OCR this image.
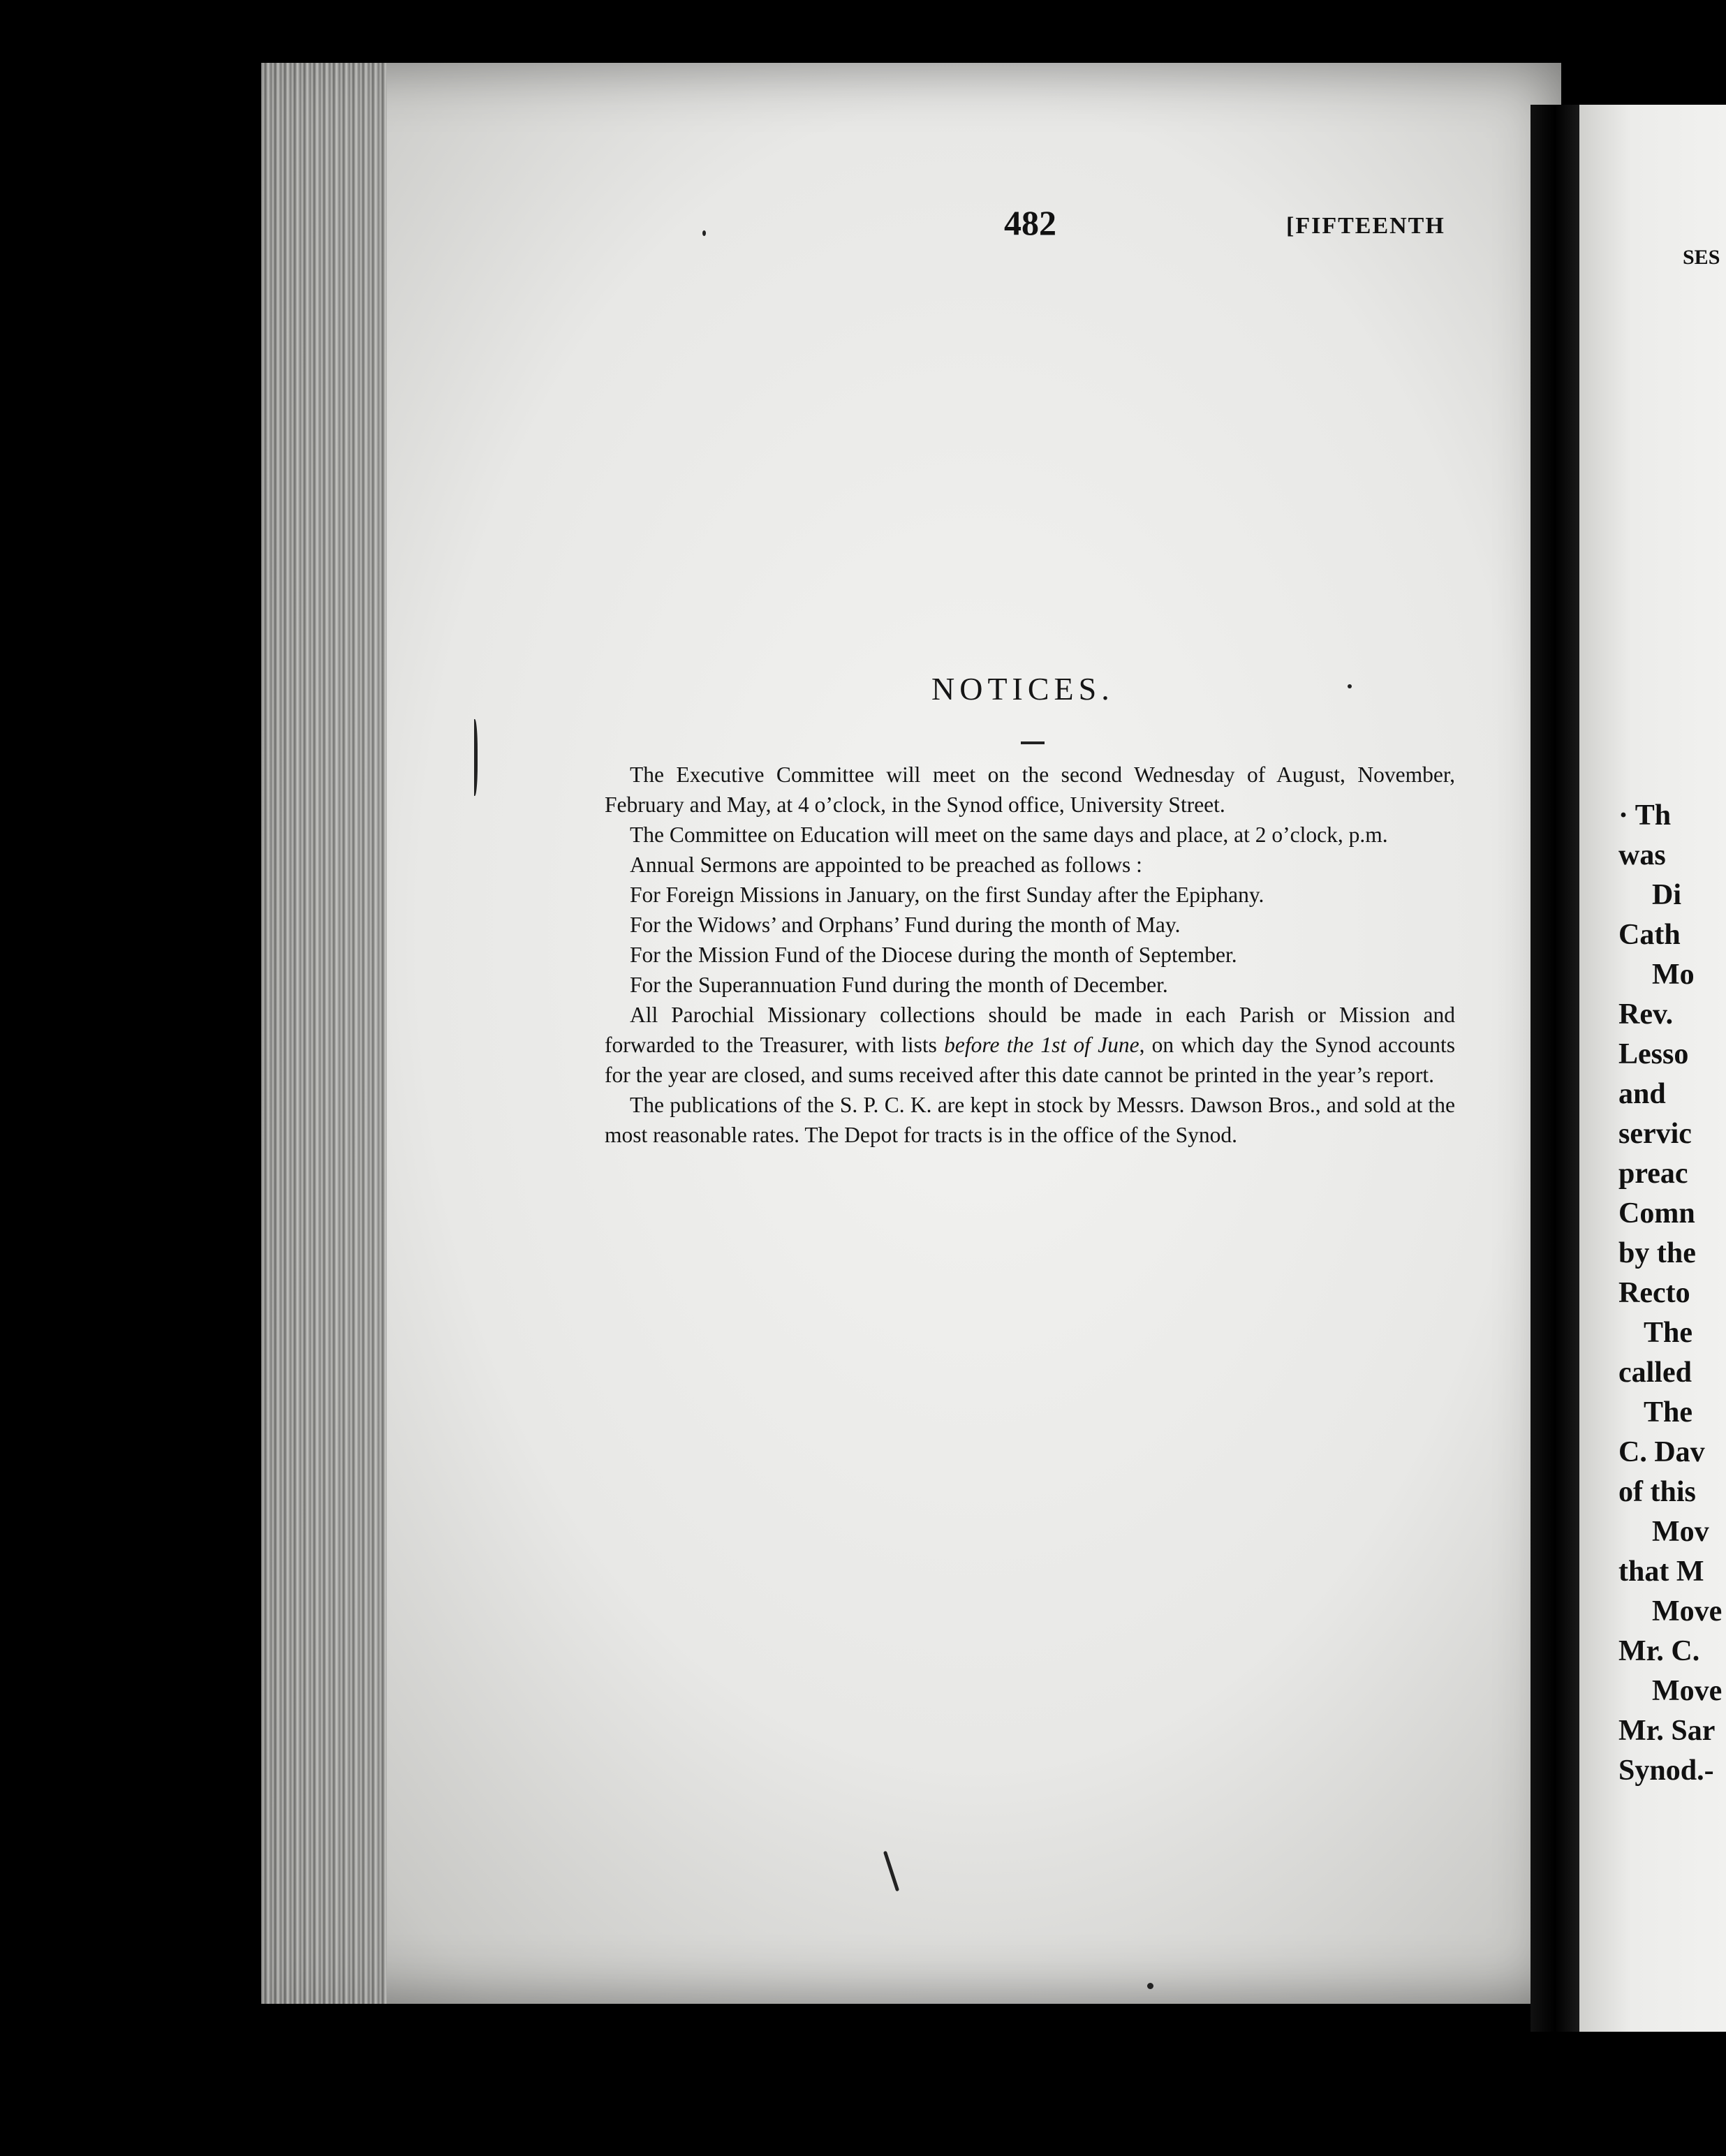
482	[FIFTEENTH
NOTICES.

The Executive Committee will meet on the second Wednesday of August, November, February and May, at 4 o’clock, in the Synod office, University Street.

The Committee on Education will meet on the same days and place, at 2 o’clock, p.m.

Annual Sermons are appointed to be preached as follows :

For Foreign Missions in January, on the first Sunday after the Epiphany.

For the Widows’ and Orphans’ Fund during the month of May.

For the Mission Fund of the Diocese during the month of September.

For the Superannuation Fund during the month of December.

All Parochial Missionary collections should be made in each Parish or Mission and forwarded to the Treasurer, with lists before the 1st of June, on which day the Synod accounts for the year are closed, and sums received after this date cannot be printed in the year’s report.

The publications of the S. P. C. K. are kept in stock by Messrs. Dawson Bros., and sold at the most reasonable rates. The Depot for tracts is in the office of the Synod.

SES
· Th
was
Di
Cath
Mo
Rev.
Lesso
and
servic
preac
Comn
by the
Recto
The
called
The
C. Dav
of this
Mov
that M
Move
Mr. C.
Move
Mr. Sar
Synod.-
